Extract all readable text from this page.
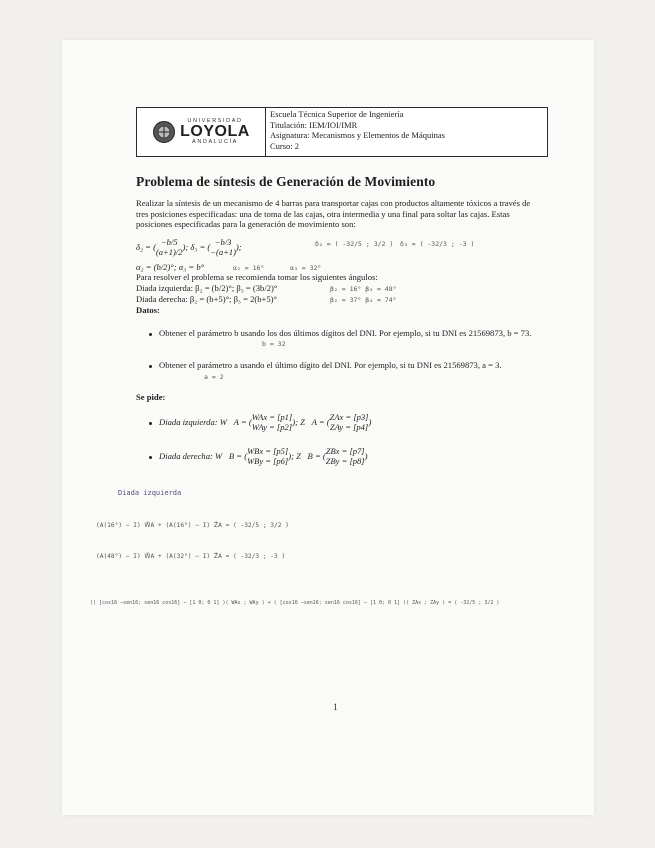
UNIVERSIDAD
LOYOLA
ANDALUCÍA
Escuela Técnica Superior de Ingeniería
Titulación: IEM/IOI/IMR
Asignatura: Mecanismos y Elementos de Máquinas
Curso: 2
Problema de síntesis de Generación de Movimiento
Realizar la síntesis de un mecanismo de 4 barras para transportar cajas con productos altamente tóxicos a través de tres posiciones especificadas: una de toma de las cajas, otra intermedia y una final para soltar las cajas. Estas posiciones especificadas para la generación de movimiento son:
δ₂ = ( −b/5
(a+1)/2
); δ₃ = ( −b/3
−(a+1)
);	δ₂ = ( -32/5 ; 3/2 ) δ₃ = ( -32/3 ; -3 )
α₂ = (b/2)°; α₃ = b°	α₂ = 16°	α₃ = 32°
Para resolver el problema se recomienda tomar los siguientes ángulos:
Diada izquierda: β₂ = (b/2)°; β₃ = (3b/2)°	β₂ = 16° β₃ = 48°
Diada derecha: β₂ = (b+5)°; β₃ = 2(b+5)°	β₂ = 37° β₃ = 74°
Datos:
Obtener el parámetro b usando los dos últimos dígitos del DNI. Por ejemplo, si tu DNI es 21569873, b = 73.
b = 32
Obtener el parámetro a usando el último dígito del DNI. Por ejemplo, si tu DNI es 21569873, a = 3.
a = 2
Se pide:
Diada izquierda: W⃗A = ( WAx = [p1]
WAy = [p2]
); Z⃗A = ( ZAx = [p3]
ZAy = [p4]
)
Diada derecha: W⃗B = ( WBx = [p5]
WBy = [p6]
); Z⃗B = ( ZBx = [p7]
ZBy = [p8]
)
Diada izquierda
(A(16°) − I) W⃗A + (A(16°) − I) Z⃗A = ( -32/5 ; 3/2 )
(A(48°) − I) W⃗A + (A(32°) − I) Z⃗A = ( -32/3 ; -3 )
(( [cos16 −sen16; sen16 cos16] − [1 0; 0 1] )( WAx ; WAy ) + ( [cos16 −sen16; sen16 cos16] − [1 0; 0 1] )( ZAx ; ZAy ) = ( -32/5 ; 3/2 )
1
